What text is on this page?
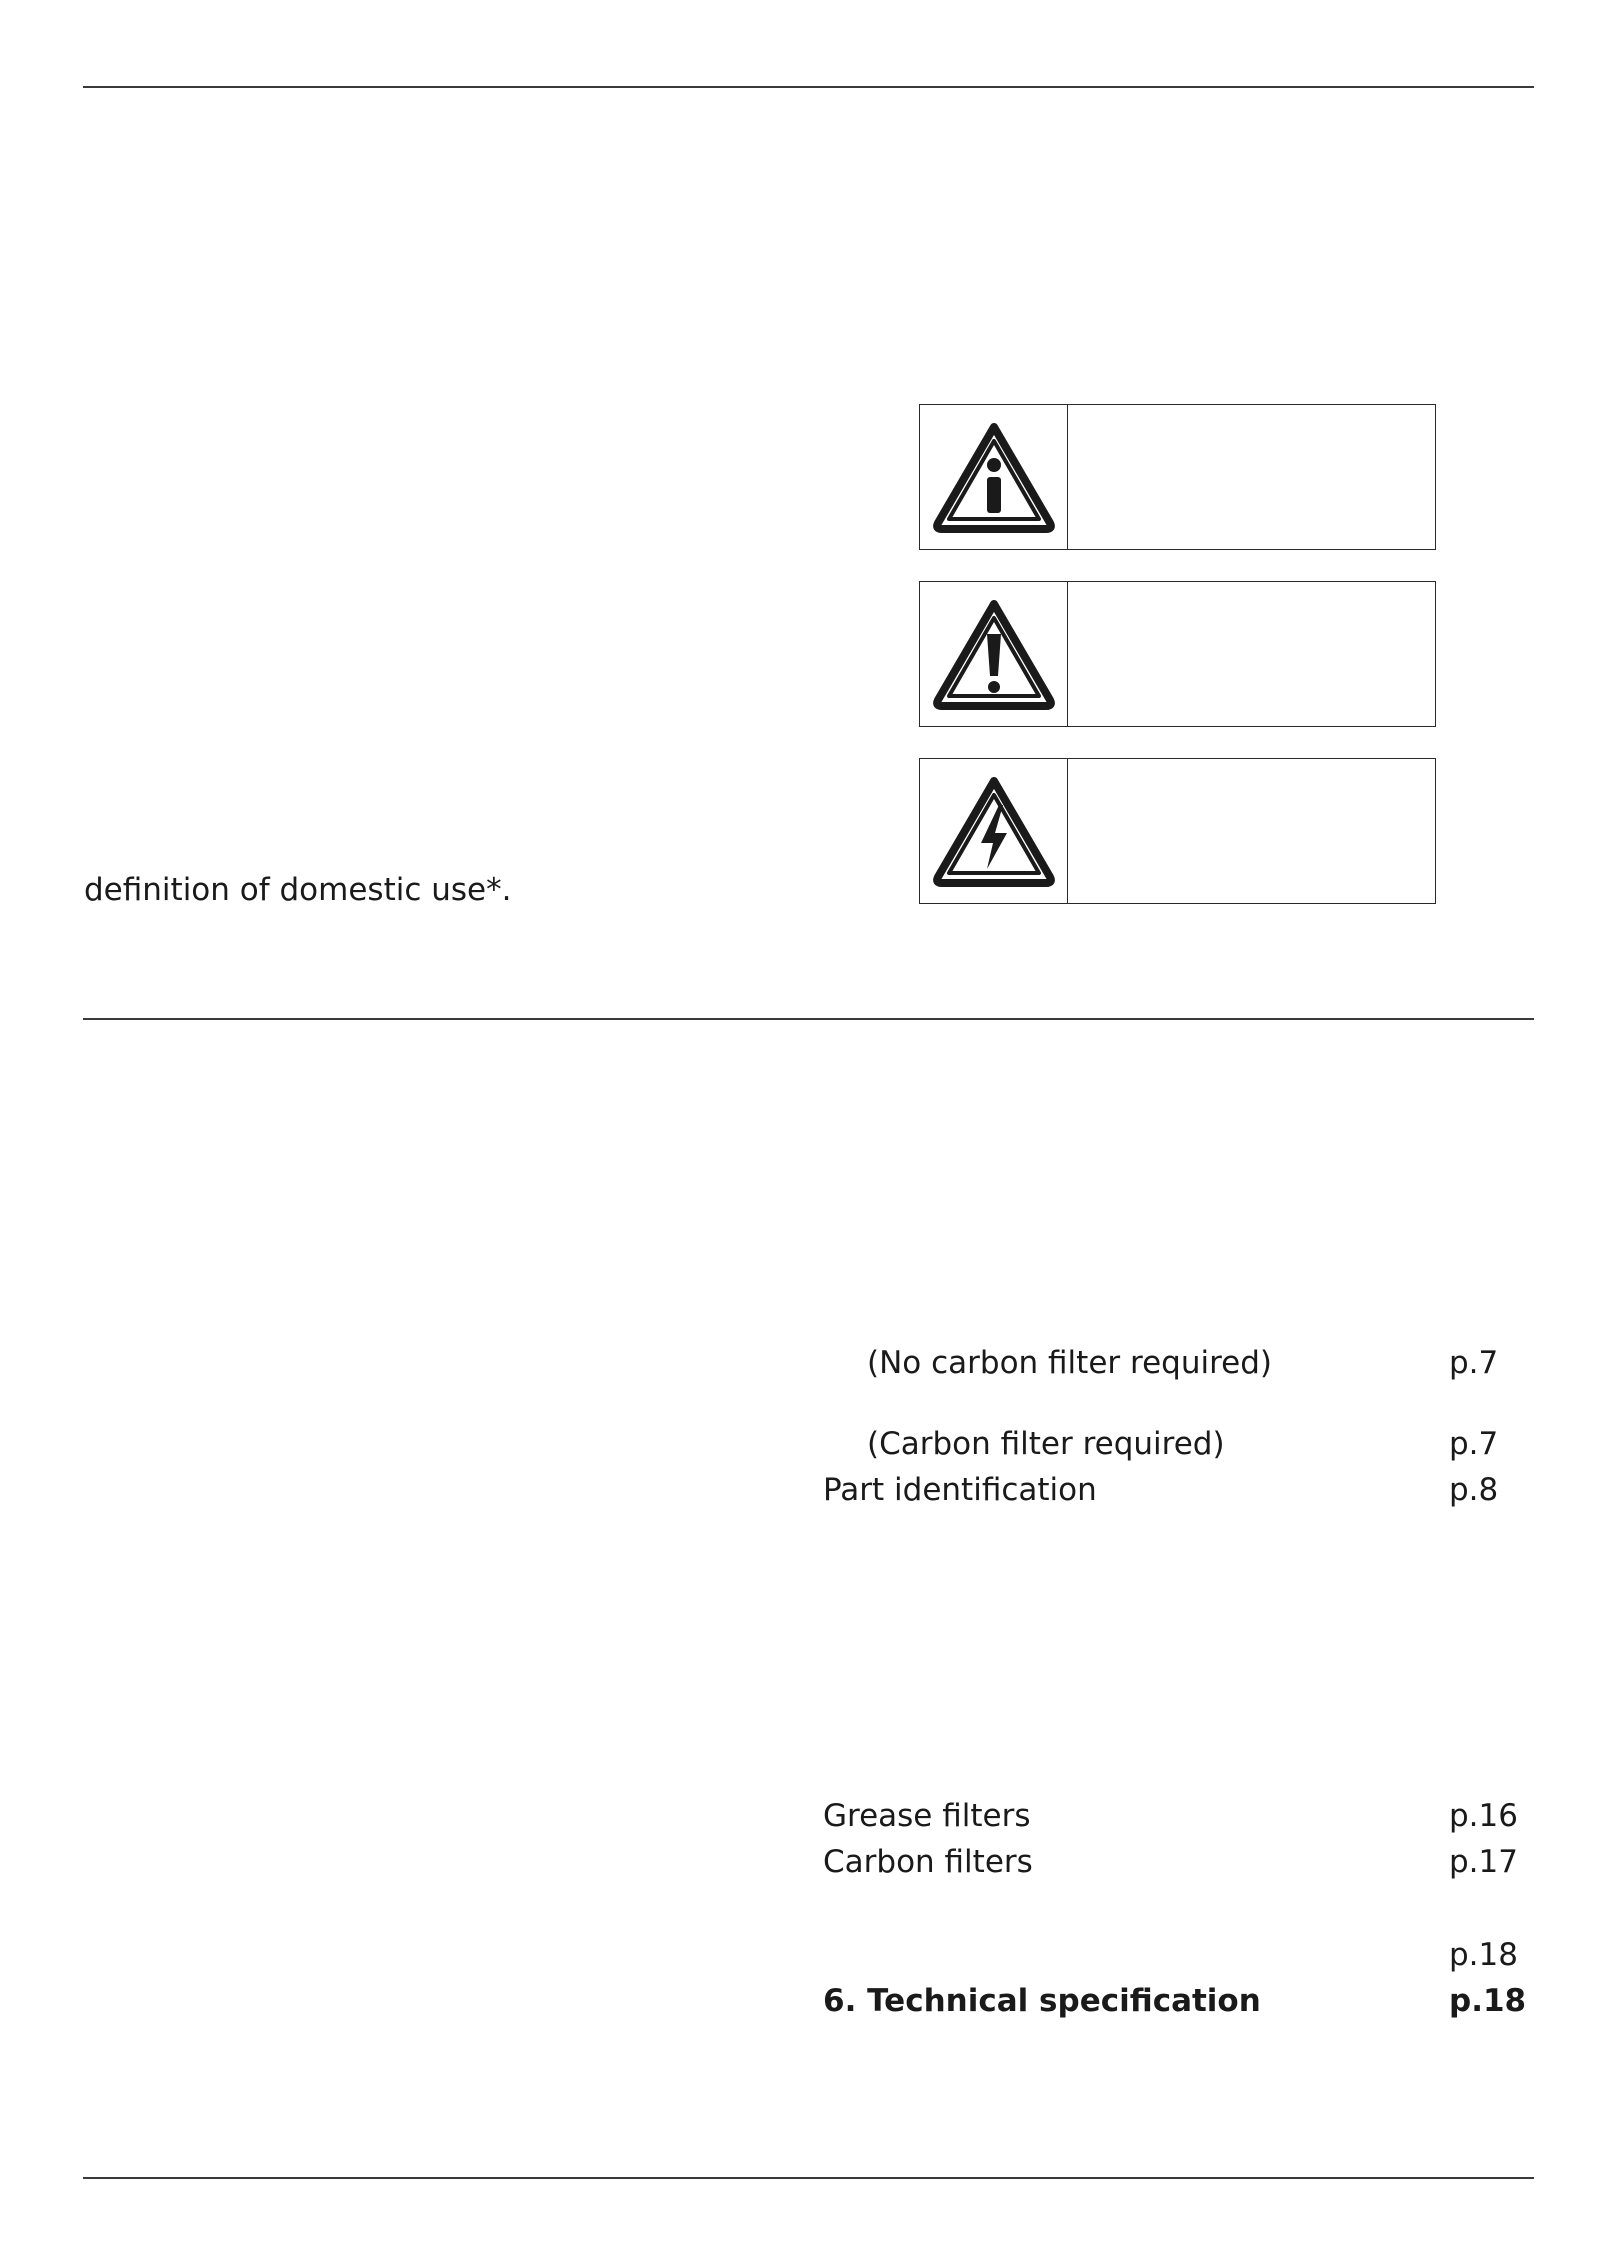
definition of domestic use*.
(No carbon filter required)	p.7
(Carbon filter required)	p.7
Part identification	p.8
Grease filters	p.16
Carbon filters	p.17
p.18
6. Technical specification	p.18
